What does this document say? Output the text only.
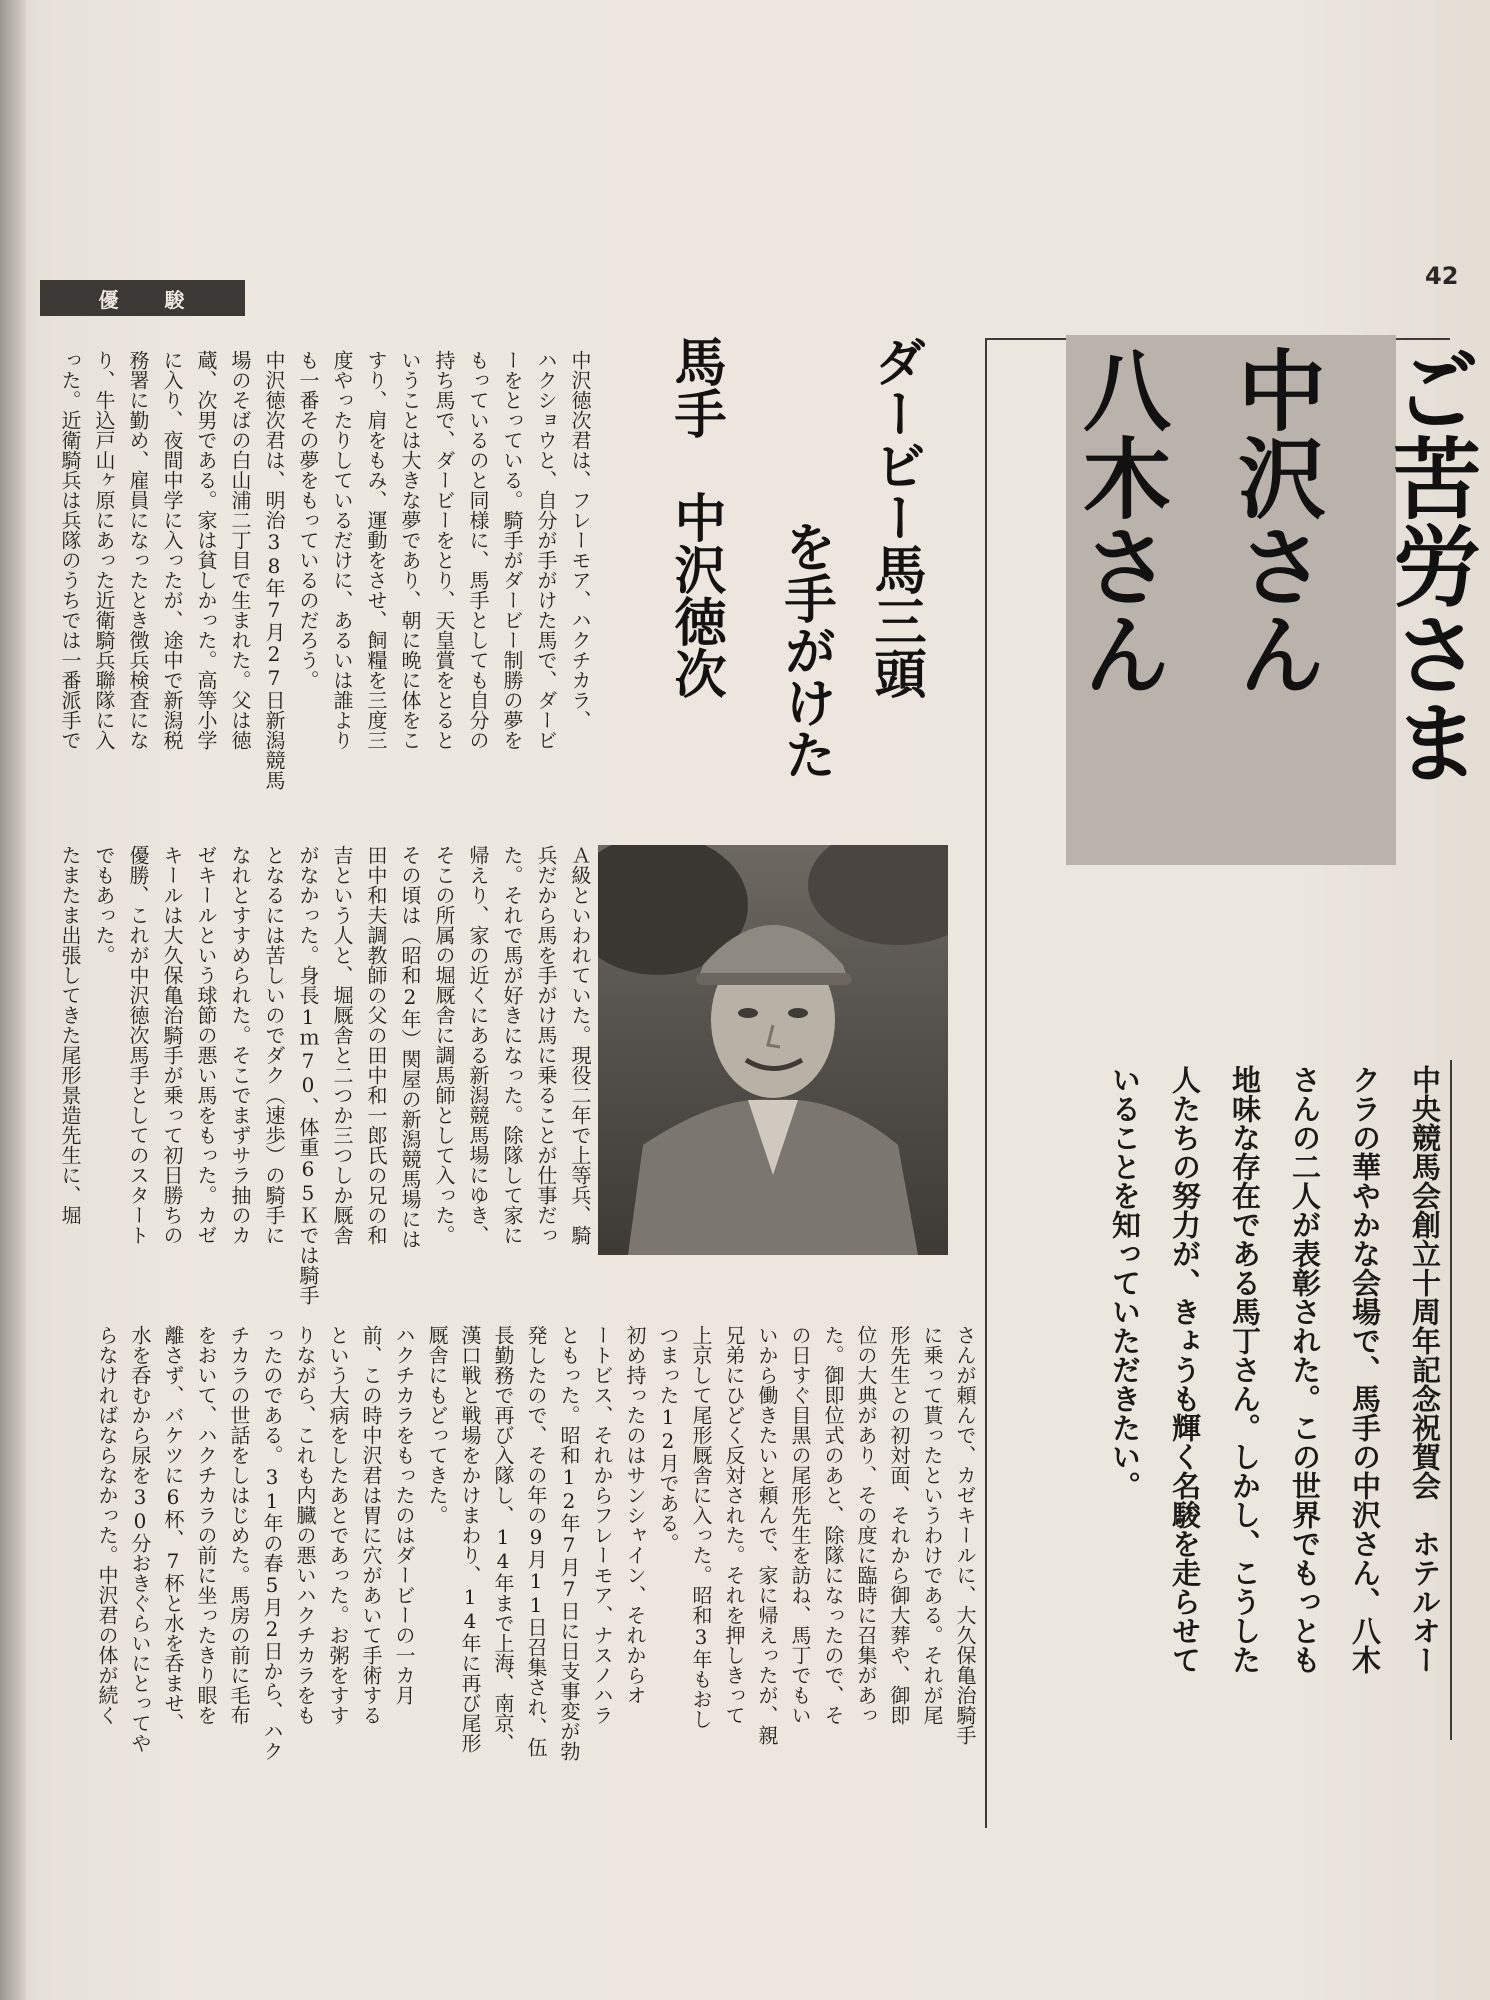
42
優　　駿
ご苦労さま
中沢さん
八木さん
中央競馬会創立十周年記念祝賀会　ホテルオー
クラの華やかな会場で、馬手の中沢さん、八木
さんの二人が表彰された。この世界でもっとも
地味な存在である馬丁さん。しかし、こうした
人たちの努力が、きょうも輝く名駿を走らせて
いることを知っていただきたい。
ダービー馬三頭
を手がけた
馬手　中沢徳次
中沢徳次君は、フレーモア、ハクチカラ、
ハクショウと、自分が手がけた馬で、ダービ
ーをとっている。騎手がダービー制勝の夢を
もっているのと同様に、馬手としても自分の
持ち馬で、ダービーをとり、天皇賞をとると
いうことは大きな夢であり、朝に晩に体をこ
すり、肩をもみ、運動をさせ、飼糧を三度三
度やったりしているだけに、あるいは誰より
も一番その夢をもっているのだろう。
中沢徳次君は、明治38年7月27日新潟競馬
場のそばの白山浦二丁目で生まれた。父は徳
蔵、次男である。家は貧しかった。高等小学
に入り、夜間中学に入ったが、途中で新潟税
務署に勤め、雇員になったとき徴兵検査にな
り、牛込戸山ヶ原にあった近衛騎兵聯隊に入
った。近衛騎兵は兵隊のうちでは一番派手で
Ａ級といわれていた。現役二年で上等兵、騎
兵だから馬を手がけ馬に乗ることが仕事だっ
た。それで馬が好きになった。除隊して家に
帰えり、家の近くにある新潟競馬場にゆき、
そこの所属の堀厩舎に調馬師として入った。
その頃は（昭和2年）関屋の新潟競馬場には
田中和夫調教師の父の田中和一郎氏の兄の和
吉という人と、堀厩舎と二つか三つしか厩舎
がなかった。身長1ｍ70、体重65Ｋでは騎手
となるには苦しいのでダク（速歩）の騎手に
なれとすすめられた。そこでまずサラ抽のカ
ゼキールという球節の悪い馬をもった。カゼ
キールは大久保亀治騎手が乗って初日勝ちの
優勝、これが中沢徳次馬手としてのスタート
でもあった。
たまたま出張してきた尾形景造先生に、堀
さんが頼んで、カゼキールに、大久保亀治騎手
に乗って貰ったというわけである。それが尾
形先生との初対面、それから御大葬や、御即
位の大典があり、その度に臨時に召集があっ
た。御即位式のあと、除隊になったので、そ
の日すぐ目黒の尾形先生を訪ね、馬丁でもい
いから働きたいと頼んで、家に帰えったが、親
兄弟にひどく反対された。それを押しきって
上京して尾形厩舎に入った。昭和3年もおし
つまった12月である。
初め持ったのはサンシャイン、それからオ
ートビス、それからフレーモア、ナスノハラ
ともった。昭和12年7月7日に日支事変が勃
発したので、その年の9月11日召集され、伍
長勤務で再び入隊し、14年まで上海、南京、
漢口戦と戦場をかけまわり、14年に再び尾形
厩舎にもどってきた。
ハクチカラをもったのはダービーの一カ月
前、この時中沢君は胃に穴があいて手術する
という大病をしたあとであった。お粥をすす
りながら、これも内臓の悪いハクチカラをも
ったのである。31年の春5月2日から、ハク
チカラの世話をしはじめた。馬房の前に毛布
をおいて、ハクチカラの前に坐ったきり眼を
離さず、バケツに6杯、7杯と水を呑ませ、
水を呑むから尿を30分おきぐらいにとってや
らなければならなかった。中沢君の体が続く
